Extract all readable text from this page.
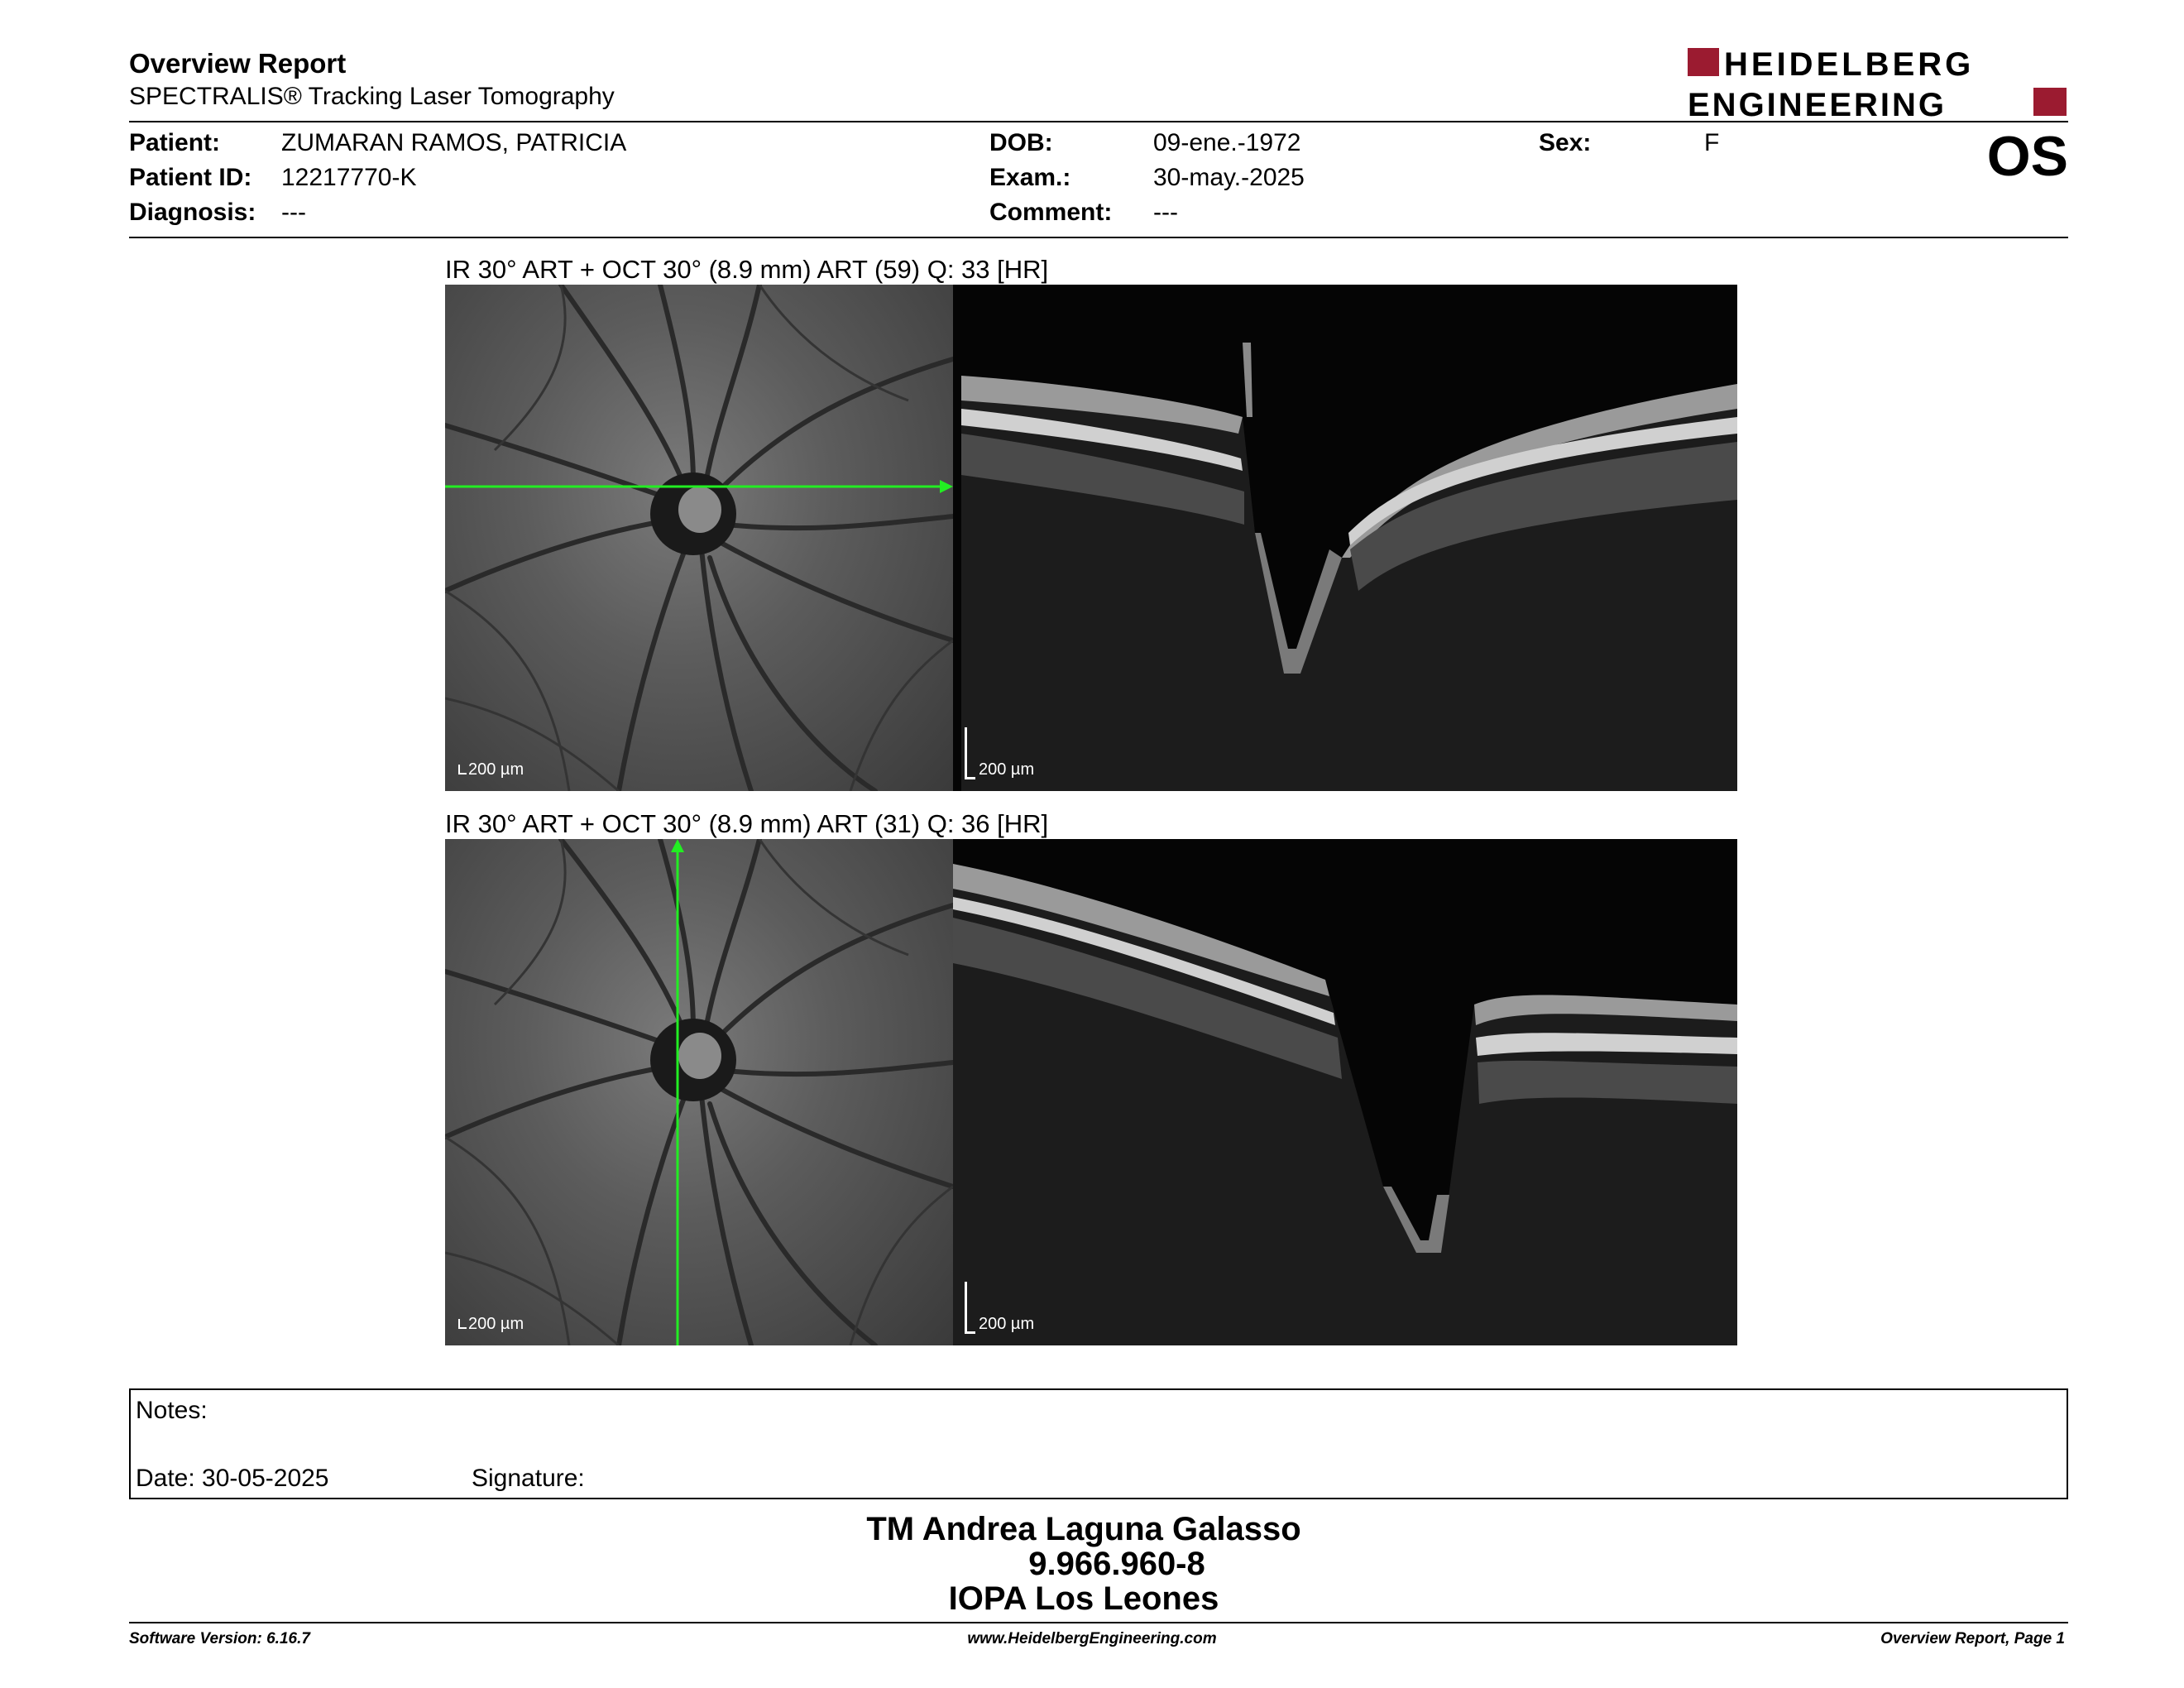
Overview Report
SPECTRALIS® Tracking Laser Tomography
HEIDELBERG
ENGINEERING
Patient: ZUMARAN RAMOS, PATRICIA
Patient ID: 12217770-K
Diagnosis: ---
DOB:	09-ene.-1972
Exam.:	30-may.-2025
Comment: ---
Sex:	F	OS
IR 30° ART + OCT 30° (8.9 mm) ART (59) Q: 33 [HR]
200 µm	200 µm
IR 30° ART + OCT 30° (8.9 mm) ART (31) Q: 36 [HR]
200 µm	200 µm
Notes:
Date: 30-05-2025	Signature:
TM Andrea Laguna Galasso
9.966.960-8
IOPA Los Leones
Software Version: 6.16.7	www.HeidelbergEngineering.com	Overview Report, Page 1
